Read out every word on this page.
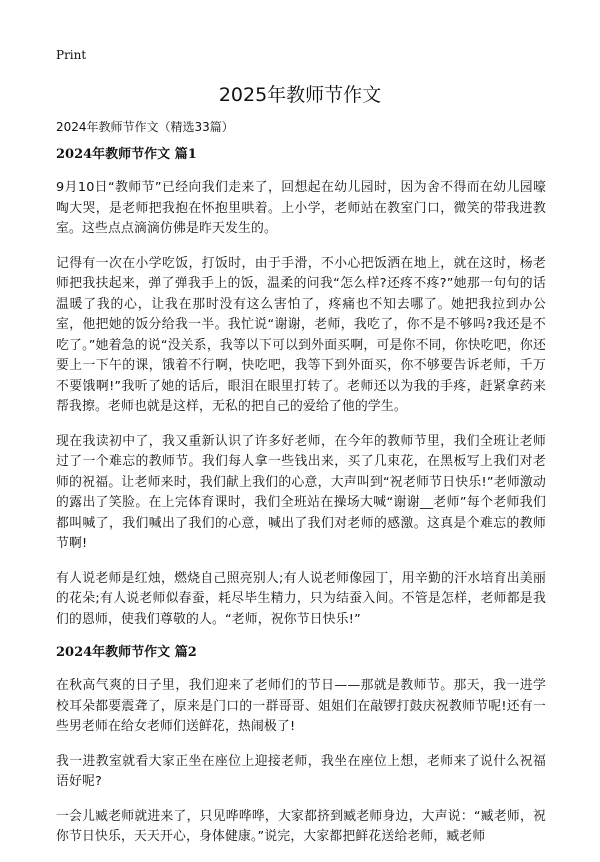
Print
2025年教师节作文
2024年教师节作文（精选33篇）
2024年教师节作文 篇1

9月10日“教师节”已经向我们走来了，回想起在幼儿园时，因为舍不得而在幼儿园嚎啕大哭，是老师把我抱在怀抱里哄着。上小学，老师站在教室门口，微笑的带我进教室。这些点点滴滴仿佛是昨天发生的。

记得有一次在小学吃饭，打饭时，由于手滑，不小心把饭洒在地上，就在这时，杨老师把我扶起来，弹了弹我手上的饭，温柔的问我“怎么样?还疼不疼?”她那一句句的话温暖了我的心，让我在那时没有这么害怕了，疼痛也不知去哪了。她把我拉到办公室，他把她的饭分给我一半。我忙说“谢谢，老师，我吃了，你不是不够吗?我还是不吃了。”她着急的说“没关系，我等以下可以到外面买啊，可是你不同，你快吃吧，你还要上一下午的课，饿着不行啊，快吃吧，我等下到外面买，你不够要告诉老师，千万不要饿啊!”我听了她的话后，眼泪在眼里打转了。老师还以为我的手疼，赶紧拿药来帮我擦。老师也就是这样，无私的把自己的爱给了他的学生。

现在我读初中了，我又重新认识了许多好老师，在今年的教师节里，我们全班让老师过了一个难忘的教师节。我们每人拿一些钱出来，买了几束花，在黑板写上我们对老师的祝福。让老师来时，我们献上我们的心意，大声叫到“祝老师节日快乐!”老师激动的露出了笑脸。在上完体育课时，我们全班站在操场大喊“谢谢__老师”每个老师我们都叫喊了，我们喊出了我们的心意，喊出了我们对老师的感激。这真是个难忘的教师节啊!

有人说老师是红烛，燃烧自己照亮别人;有人说老师像园丁，用辛勤的汗水培育出美丽的花朵;有人说老师似春蚕，耗尽毕生精力，只为结蚕入间。不管是怎样，老师都是我们的恩师，使我们尊敬的人。“老师，祝你节日快乐!”

2024年教师节作文 篇2

在秋高气爽的日子里，我们迎来了老师们的节日——那就是教师节。那天，我一进学校耳朵都要震聋了，原来是门口的一群哥哥、姐姐们在敲锣打鼓庆祝教师节呢!还有一些男老师在给女老师们送鲜花，热闹极了!

我一进教室就看大家正坐在座位上迎接老师，我坐在座位上想，老师来了说什么祝福语好呢?

一会儿臧老师就进来了，只见哗哗哗，大家都挤到臧老师身边，大声说：“臧老师，祝你节日快乐，天天开心，身体健康。”说完，大家都把鲜花送给老师，臧老师
